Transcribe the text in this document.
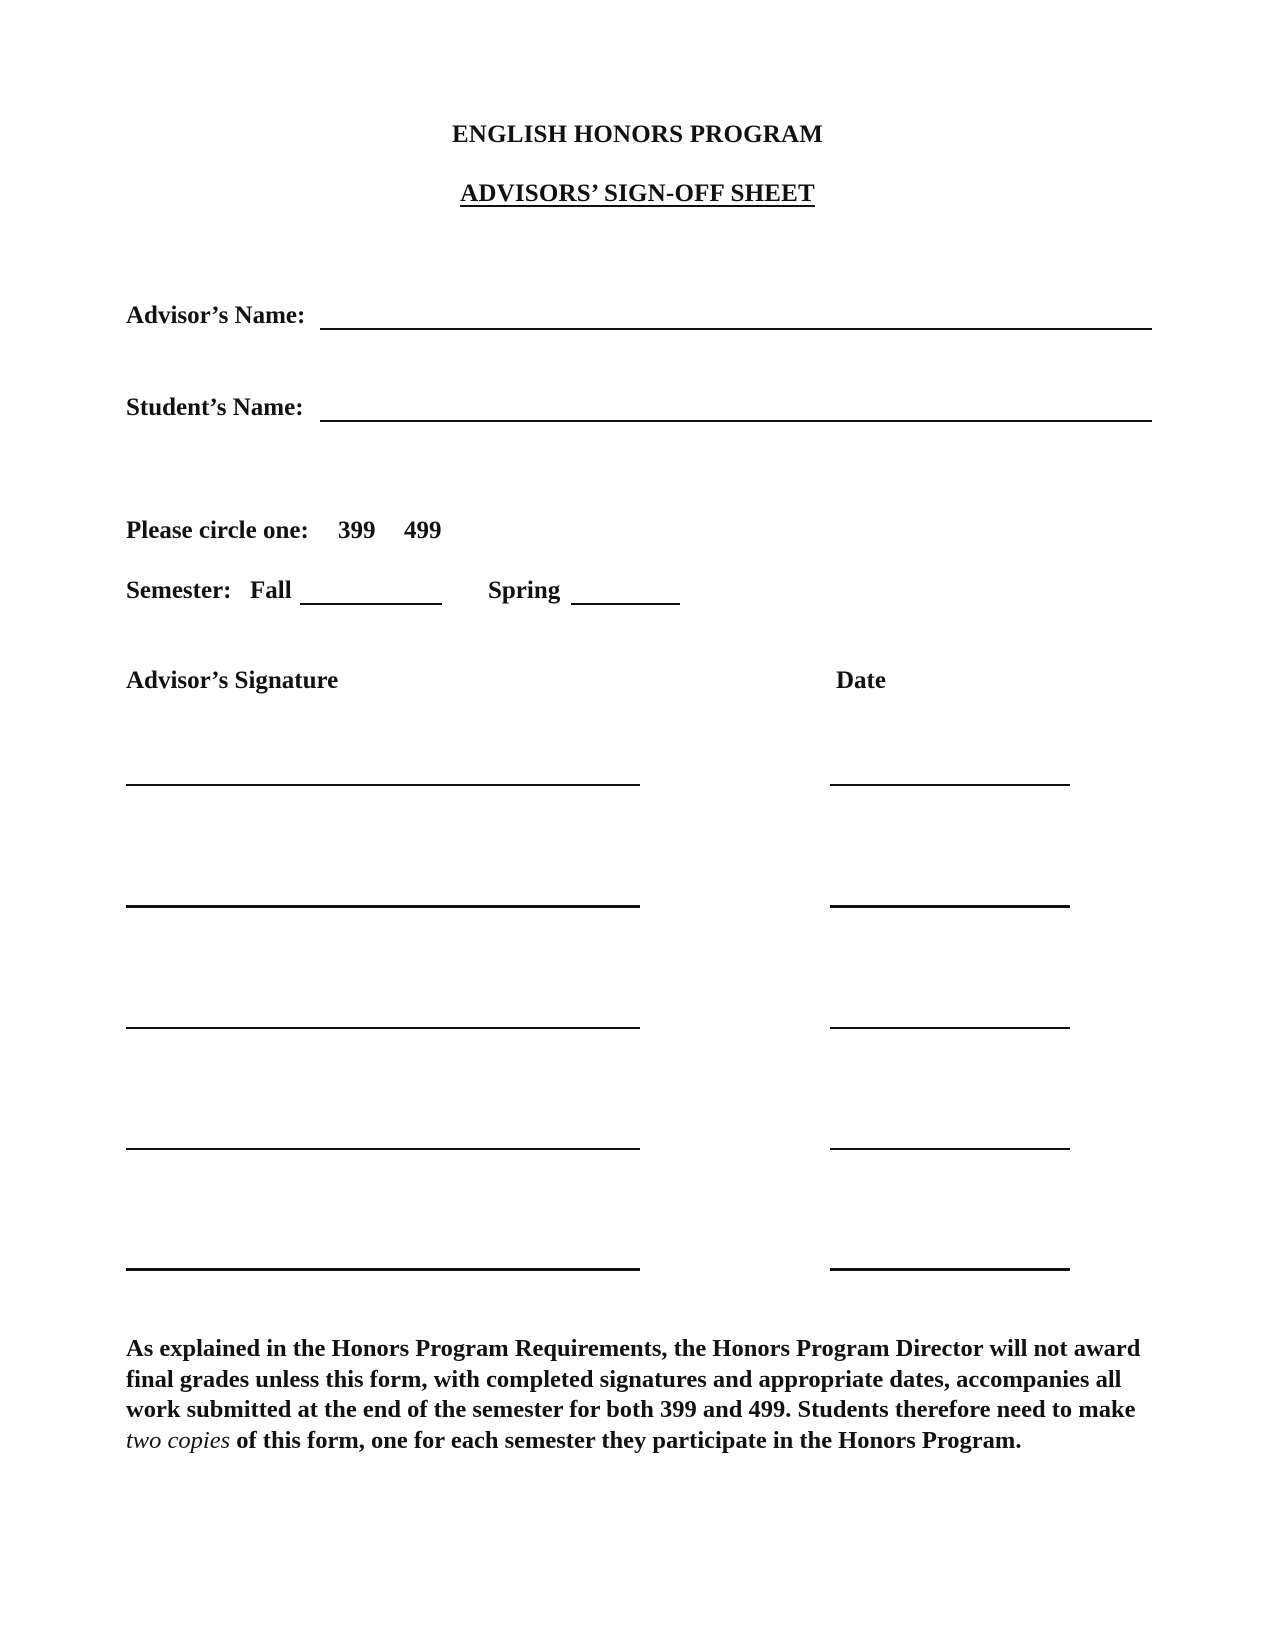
ENGLISH HONORS PROGRAM
ADVISORS’ SIGN-OFF SHEET
Advisor’s Name:
Student’s Name:
Please circle one: 399 499
Semester: Fall	Spring
Advisor’s Signature	Date
As explained in the Honors Program Requirements, the Honors Program Director will not award final grades unless this form, with completed signatures and appropriate dates, accompanies all work submitted at the end of the semester for both 399 and 499. Students therefore need to make two copies of this form, one for each semester they participate in the Honors Program.
